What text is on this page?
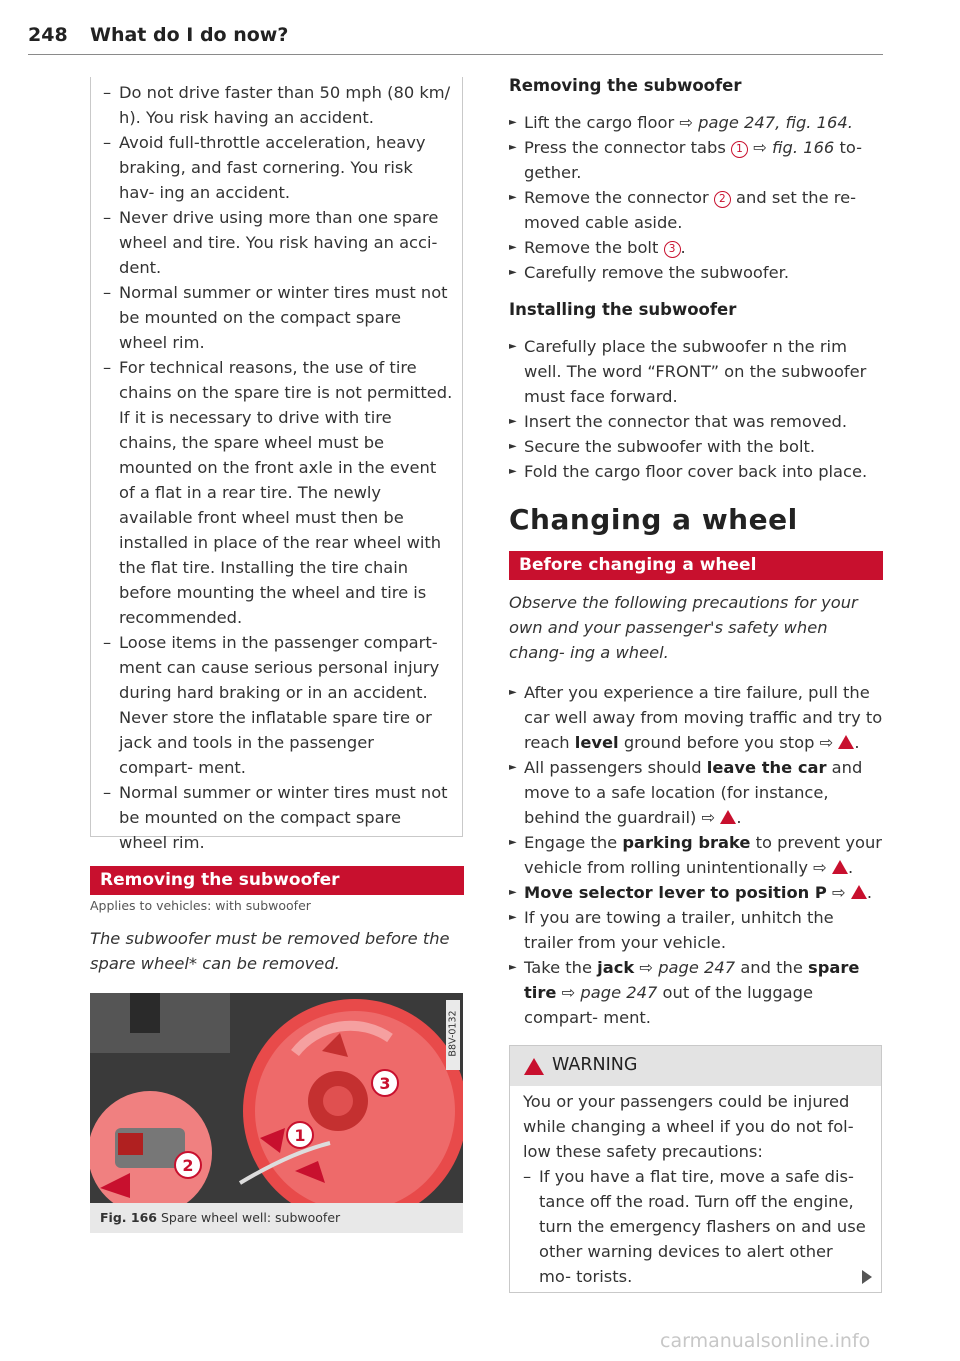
248 What do I do now?
– Do not drive faster than 50 mph (80 km/ h). You risk having an accident.
– Avoid full-throttle acceleration, heavy braking, and fast cornering. You risk hav- ing an accident.
– Never drive using more than one spare wheel and tire. You risk having an acci- dent.
– Normal summer or winter tires must not be mounted on the compact spare wheel rim.
– For technical reasons, the use of tire chains on the spare tire is not permitted. If it is necessary to drive with tire chains, the spare wheel must be mounted on the front axle in the event of a flat in a rear tire. The newly available front wheel must then be installed in place of the rear wheel with the flat tire. Installing the tire chain before mounting the wheel and tire is recommended.
– Loose items in the passenger compart- ment can cause serious personal injury during hard braking or in an accident. Never store the inflatable spare tire or jack and tools in the passenger compart- ment.
– Normal summer or winter tires must not be mounted on the compact spare wheel rim.
Removing the subwoofer
Applies to vehicles: with subwoofer
The subwoofer must be removed before the spare wheel* can be removed.
3
1
2
B8V-0132
Fig. 166 Spare wheel well: subwoofer
Removing the subwoofer
► Lift the cargo floor ⇨ page 247, fig. 164.
► Press the connector tabs 1 ⇨ fig. 166 to- gether.
► Remove the connector 2 and set the re- moved cable aside.
► Remove the bolt 3 .
► Carefully remove the subwoofer.
Installing the subwoofer
► Carefully place the subwoofer n the rim well. The word “FRONT” on the subwoofer must face forward.
► Insert the connector that was removed.
► Secure the subwoofer with the bolt.
► Fold the cargo floor cover back into place.
Changing a wheel
Before changing a wheel
Observe the following precautions for your own and your passenger's safety when chang- ing a wheel.
► After you experience a tire failure, pull the car well away from moving traffic and try to reach level ground before you stop ⇨ .
► All passengers should leave the car and move to a safe location (for instance, behind the guardrail) ⇨ .
► Engage the parking brake to prevent your vehicle from rolling unintentionally ⇨ .
► Move selector lever to position P ⇨ .
► If you are towing a trailer, unhitch the trailer from your vehicle.
► Take the jack ⇨ page 247 and the spare tire ⇨ page 247 out of the luggage compart- ment.
WARNING
You or your passengers could be injured while changing a wheel if you do not fol- low these safety precautions:
– If you have a flat tire, move a safe dis- tance off the road. Turn off the engine, turn the emergency flashers on and use other warning devices to alert other mo- torists.
carmanualsonline.info
